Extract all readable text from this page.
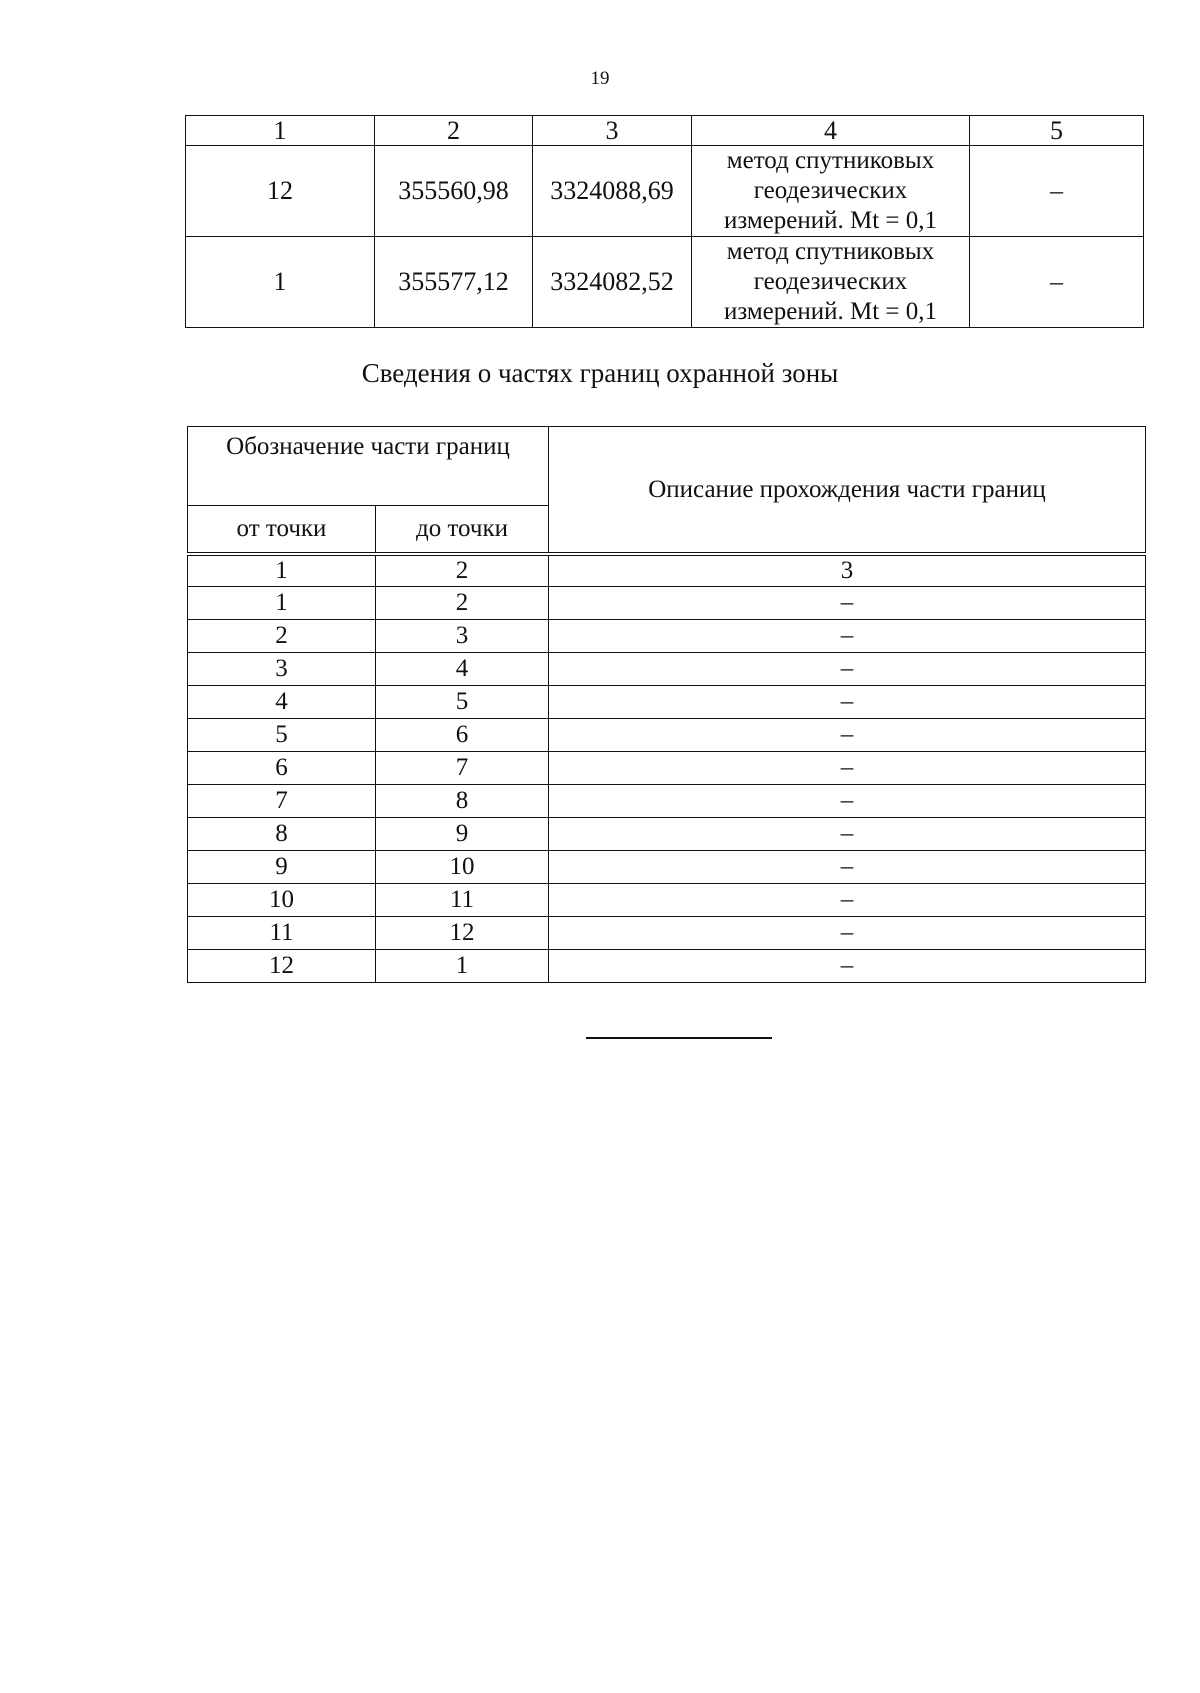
19
1	2	3	4	5
12	355560,98	3324088,69	метод спутниковых
геодезических
измерений. Mt = 0,1	–
1	355577,12	3324082,52	метод спутниковых
геодезических
измерений. Mt = 0,1	–
Сведения о частях границ охранной зоны
Обозначение части границ		Описание прохождения части границ
от точки	до точки	

1	2	3
1	2	–
2	3	–
3	4	–
4	5	–
5	6	–
6	7	–
7	8	–
8	9	–
9	10	–
10	11	–
11	12	–
12	1	–
